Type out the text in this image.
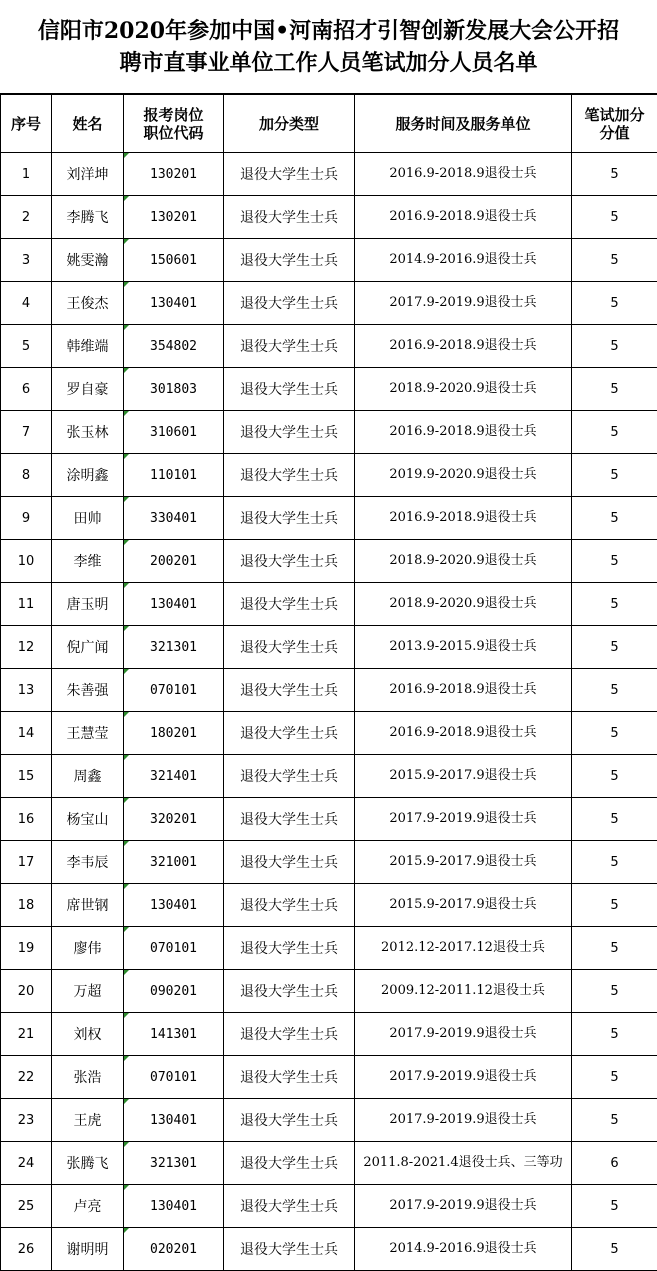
信阳市2020年参加中国•河南招才引智创新发展大会公开招
聘市直事业单位工作人员笔试加分人员名单
序号	姓名	报考岗位职位代码	加分类型	服务时间及服务单位	笔试加分分值
1	刘洋坤	130201	退役大学生士兵	2016.9-2018.9退役士兵	5
2	李腾飞	130201	退役大学生士兵	2016.9-2018.9退役士兵	5
3	姚雯瀚	150601	退役大学生士兵	2014.9-2016.9退役士兵	5
4	王俊杰	130401	退役大学生士兵	2017.9-2019.9退役士兵	5
5	韩维端	354802	退役大学生士兵	2016.9-2018.9退役士兵	5
6	罗自豪	301803	退役大学生士兵	2018.9-2020.9退役士兵	5
7	张玉林	310601	退役大学生士兵	2016.9-2018.9退役士兵	5
8	涂明鑫	110101	退役大学生士兵	2019.9-2020.9退役士兵	5
9	田帅	330401	退役大学生士兵	2016.9-2018.9退役士兵	5
10	李维	200201	退役大学生士兵	2018.9-2020.9退役士兵	5
11	唐玉明	130401	退役大学生士兵	2018.9-2020.9退役士兵	5
12	倪广闻	321301	退役大学生士兵	2013.9-2015.9退役士兵	5
13	朱善强	070101	退役大学生士兵	2016.9-2018.9退役士兵	5
14	王慧莹	180201	退役大学生士兵	2016.9-2018.9退役士兵	5
15	周鑫	321401	退役大学生士兵	2015.9-2017.9退役士兵	5
16	杨宝山	320201	退役大学生士兵	2017.9-2019.9退役士兵	5
17	李韦辰	321001	退役大学生士兵	2015.9-2017.9退役士兵	5
18	席世钢	130401	退役大学生士兵	2015.9-2017.9退役士兵	5
19	廖伟	070101	退役大学生士兵	2012.12-2017.12退役士兵	5
20	万超	090201	退役大学生士兵	2009.12-2011.12退役士兵	5
21	刘权	141301	退役大学生士兵	2017.9-2019.9退役士兵	5
22	张浩	070101	退役大学生士兵	2017.9-2019.9退役士兵	5
23	王虎	130401	退役大学生士兵	2017.9-2019.9退役士兵	5
24	张腾飞	321301	退役大学生士兵	2011.8-2021.4退役士兵、三等功	6
25	卢亮	130401	退役大学生士兵	2017.9-2019.9退役士兵	5
26	谢明明	020201	退役大学生士兵	2014.9-2016.9退役士兵	5
